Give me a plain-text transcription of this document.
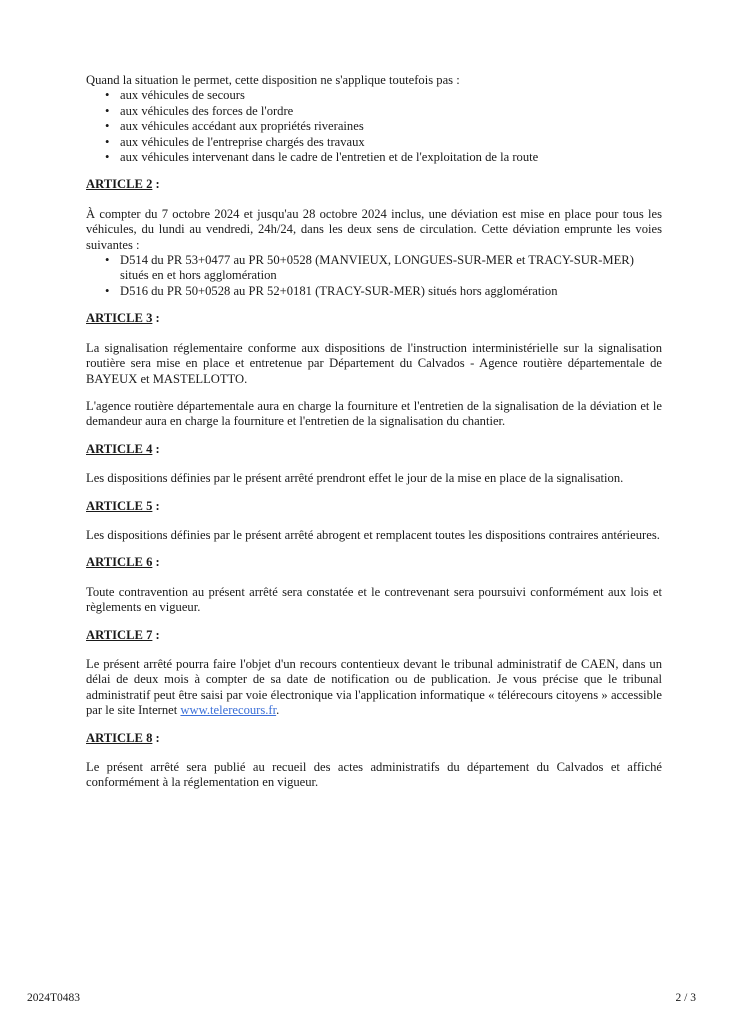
Quand la situation le permet, cette disposition ne s'applique toutefois pas :

• aux véhicules de secours
• aux véhicules des forces de l'ordre
• aux véhicules accédant aux propriétés riveraines
• aux véhicules de l'entreprise chargés des travaux
• aux véhicules intervenant dans le cadre de l'entretien et de l'exploitation de la route
ARTICLE 2 :

À compter du 7 octobre 2024 et jusqu'au 28 octobre 2024 inclus, une déviation est mise en place pour tous les véhicules, du lundi au vendredi, 24h/24, dans les deux sens de circulation. Cette déviation emprunte les voies suivantes :

• D514 du PR 53+0477 au PR 50+0528 (MANVIEUX, LONGUES-SUR-MER et TRACY-SUR-MER) situés en et hors agglomération
• D516 du PR 50+0528 au PR 52+0181 (TRACY-SUR-MER) situés hors agglomération
ARTICLE 3 :

La signalisation réglementaire conforme aux dispositions de l'instruction interministérielle sur la signalisation routière sera mise en place et entretenue par Département du Calvados - Agence routière départementale de BAYEUX et MASTELLOTTO.

L'agence routière départementale aura en charge la fourniture et l'entretien de la signalisation de la déviation et le demandeur aura en charge la fourniture et l'entretien de la signalisation du chantier.

ARTICLE 4 :

Les dispositions définies par le présent arrêté prendront effet le jour de la mise en place de la signalisation.

ARTICLE 5 :

Les dispositions définies par le présent arrêté abrogent et remplacent toutes les dispositions contraires antérieures.

ARTICLE 6 :

Toute contravention au présent arrêté sera constatée et le contrevenant sera poursuivi conformément aux lois et règlements en vigueur.

ARTICLE 7 :

Le présent arrêté pourra faire l'objet d'un recours contentieux devant le tribunal administratif de CAEN, dans un délai de deux mois à compter de sa date de notification ou de publication. Je vous précise que le tribunal administratif peut être saisi par voie électronique via l'application informatique « télérecours citoyens » accessible par le site Internet www.telerecours.fr.

ARTICLE 8 :

Le présent arrêté sera publié au recueil des actes administratifs du département du Calvados et affiché conformément à la réglementation en vigueur.

2024T0483	2 / 3
